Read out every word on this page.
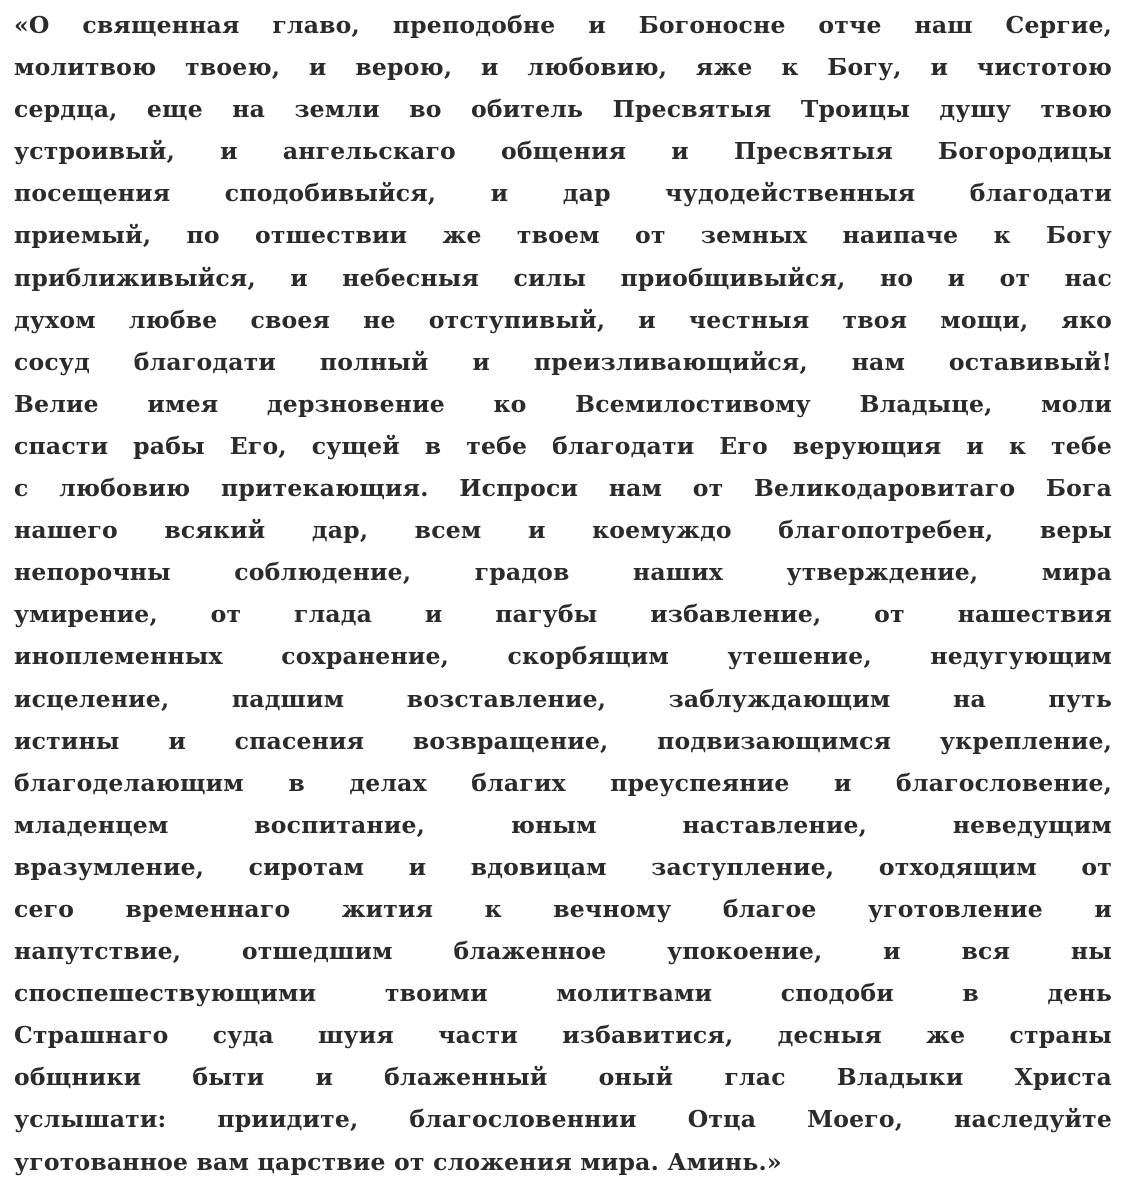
«О священная главо, преподобне и Богоносне отче наш Сергие,
молитвою твоею, и верою, и любовию, яже к Богу, и чистотою
сердца, еще на земли во обитель Пресвятыя Троицы душу твою
устроивый, и ангельскаго общения и Пресвятыя Богородицы
посещения сподобивыйся, и дар чудодейственныя благодати
приемый, по отшествии же твоем от земных наипаче к Богу
приближивыйся, и небесныя силы приобщивыйся, но и от нас
духом любве своея не отступивый, и честныя твоя мощи, яко
сосуд благодати полный и преизливающийся, нам оставивый!
Велие имея дерзновение ко Всемилостивому Владыце, моли
спасти рабы Его, сущей в тебе благодати Его верующия и к тебе
с любовию притекающия. Испроси нам от Великодаровитаго Бога
нашего всякий дар, всем и коемуждо благопотребен, веры
непорочны соблюдение, градов наших утверждение, мира
умирение, от глада и пагубы избавление, от нашествия
иноплеменных сохранение, скорбящим утешение, недугующим
исцеление, падшим возставление, заблуждающим на путь
истины и спасения возвращение, подвизающимся укрепление,
благоделающим в делах благих преуспеяние и благословение,
младенцем воспитание, юным наставление, неведущим
вразумление, сиротам и вдовицам заступление, отходящим от
сего временнаго жития к вечному благое уготовление и
напутствие, отшедшим блаженное упокоение, и вся ны
споспешествующими твоими молитвами сподоби в день
Страшнаго суда шуия части избавитися, десныя же страны
общники быти и блаженный оный глас Владыки Христа
услышати: приидите, благословеннии Отца Моего, наследуйте
уготованное вам царствие от сложения мира. Аминь.»
